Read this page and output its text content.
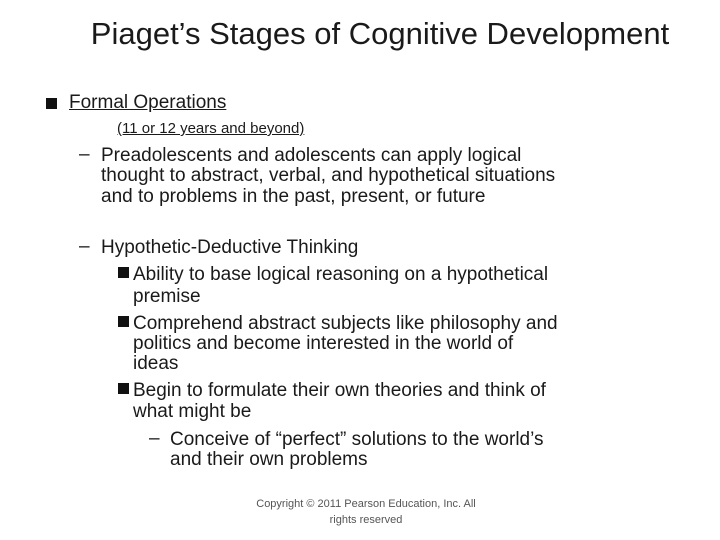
Piaget’s Stages of Cognitive Development
Formal Operations
(11 or 12 years and beyond)
– Preadolescents and adolescents can apply logical
thought to abstract, verbal, and hypothetical situations
and to problems in the past, present, or future
– Hypothetic-Deductive Thinking
Ability to base logical reasoning on a hypothetical
premise
Comprehend abstract subjects like philosophy and
politics and become interested in the world of
ideas
Begin to formulate their own theories and think of
what might be
– Conceive of “perfect” solutions to the world’s
and their own problems
Copyright © 2011 Pearson Education, Inc. All
rights reserved
